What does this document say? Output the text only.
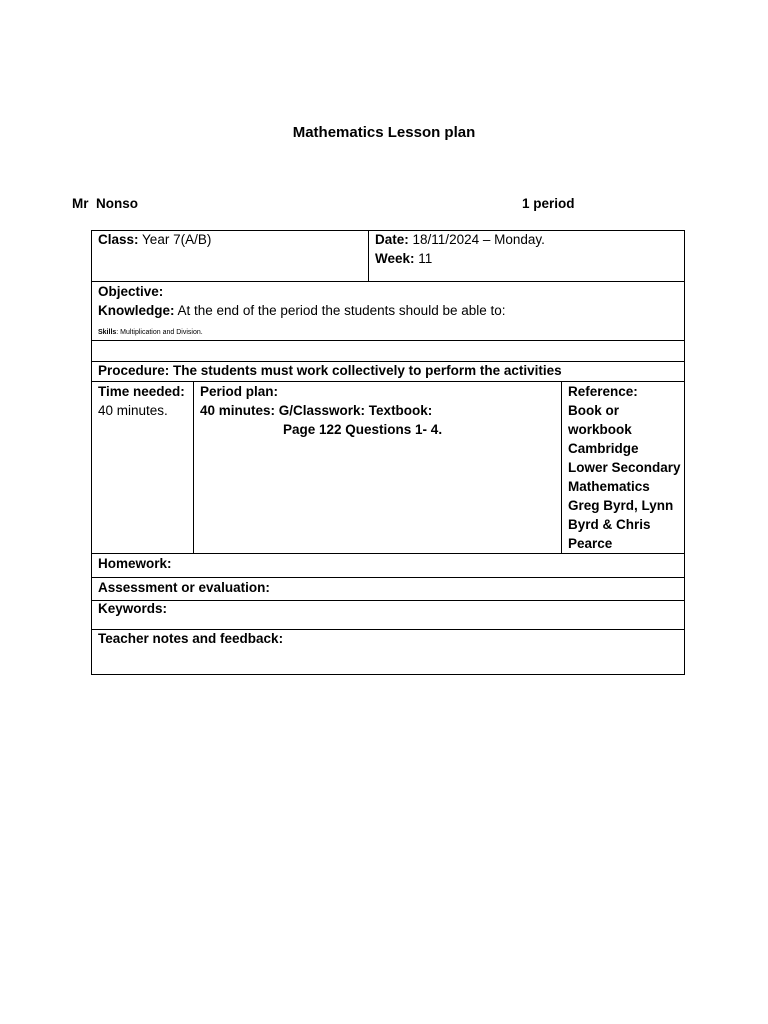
Mathematics Lesson plan
Mr  Nonso	1 period
Class: Year 7(A/B)	Date: 18/11/2024 – Monday.
Week: 11
Objective:
Knowledge: At the end of the period the students should be able to:
Skills: Multiplication and Division.
Procedure: The students must work collectively to perform the activities
Time needed:
40 minutes.
Period plan:
40 minutes: G/Classwork: Textbook:
Page 122 Questions 1- 4.
Reference:
Book or
workbook
Cambridge
Lower Secondary
Mathematics
Greg Byrd, Lynn
Byrd & Chris
Pearce
Homework:
Assessment or evaluation:
Keywords:
Teacher notes and feedback:
